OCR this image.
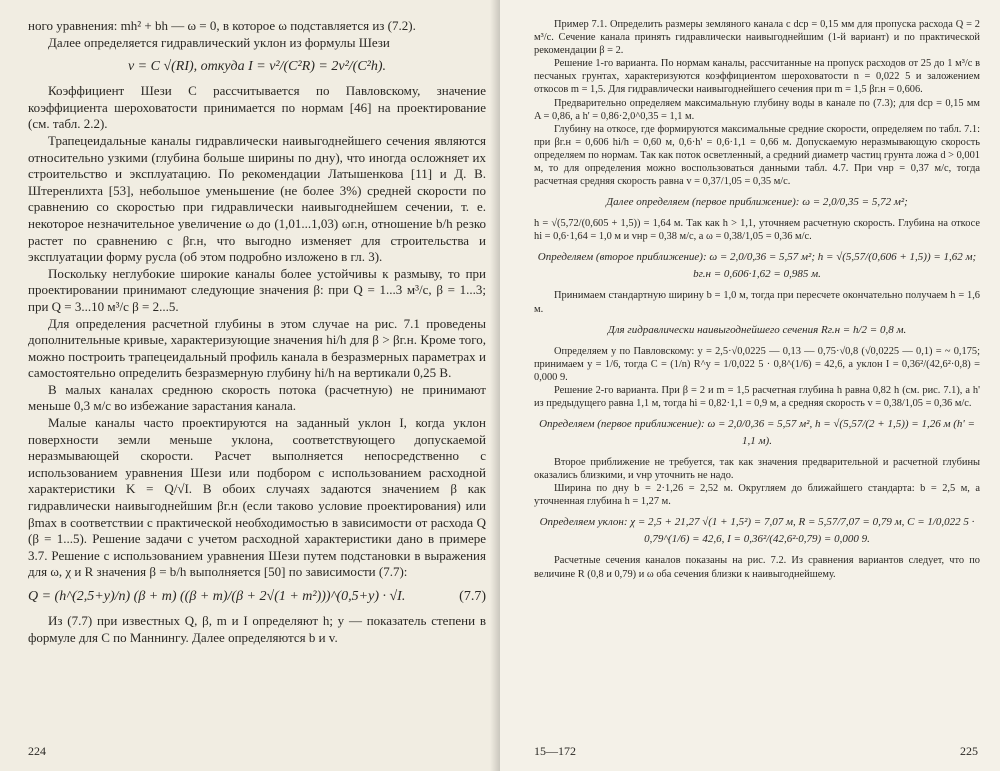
ного уравнения: mh² + bh — ω = 0, в которое ω подставляется из (7.2).

Далее определяется гидравлический уклон из формулы Шези

v = C √(RI), откуда I = v²/(C²R) = 2v²/(C²h).

Коэффициент Шези C рассчитывается по Павловскому, значение коэффициента шероховатости принимается по нормам [46] на проектирование (см. табл. 2.2).

Трапецеидальные каналы гидравлически наивыгоднейшего сечения являются относительно узкими (глубина больше ширины по дну), что иногда осложняет их строительство и эксплуатацию. По рекомендации Латышенкова [11] и Д. В. Штеренлихта [53], небольшое уменьшение (не более 3%) средней скорости по сравнению со скоростью при гидравлически наивыгоднейшем сечении, т. е. некоторое незначительное увеличение ω до (1,01...1,03) ωг.н, отношение b/h резко растет по сравнению с βг.н, что выгодно изменяет для строительства и эксплуатации форму русла (об этом подробно изложено в гл. 3).

Поскольку неглубокие широкие каналы более устойчивы к размыву, то при проектировании принимают следующие значения β: при Q = 1...3 м³/с, β = 1...3; при Q = 3...10 м³/с β = 2...5.

Для определения расчетной глубины в этом случае на рис. 7.1 проведены дополнительные кривые, характеризующие значения hi/h для β > βг.н. Кроме того, можно построить трапецеидальный профиль канала в безразмерных параметрах и самостоятельно определить безразмерную глубину hi/h на вертикали 0,25 B.

В малых каналах среднюю скорость потока (расчетную) не принимают меньше 0,3 м/с во избежание зарастания канала.

Малые каналы часто проектируются на заданный уклон I, когда уклон поверхности земли меньше уклона, соответствующего допускаемой неразмывающей скорости. Расчет выполняется непосредственно с использованием уравнения Шези или подбором с использованием расходной характеристики K = Q/√I. В обоих случаях задаются значением β как гидравлически наивыгоднейшим βг.н (если таково условие проектирования) или βmax в соответствии с практической необходимостью в зависимости от расхода Q (β = 1...5). Решение задачи с учетом расходной характеристики дано в примере 3.7. Решение с использованием уравнения Шези путем подстановки в выражения для ω, χ и R значения β = b/h выполняется [50] по зависимости (7.7):

Q = (h^(2,5+y)/n) (β + m) ((β + m)/(β + 2√(1 + m²)))^(0,5+y) · √I.	(7.7)

Из (7.7) при известных Q, β, m и I определяют h; y — показатель степени в формуле для C по Маннингу. Далее определяются b и v.

224

Пример 7.1. Определить размеры земляного канала с dср = 0,15 мм для пропуска расхода Q = 2 м³/с. Сечение канала принять гидравлически наивыгоднейшим (1-й вариант) и по практической рекомендации β = 2.

Решение 1-го варианта. По нормам каналы, рассчитанные на пропуск расходов от 25 до 1 м³/с в песчаных грунтах, характеризуются коэффициентом шероховатости n = 0,022 5 и заложением откосов m = 1,5. Для гидравлически наивыгоднейшего сечения при m = 1,5 βг.н = 0,606.

Предварительно определяем максимальную глубину воды в канале по (7.3); для dср = 0,15 мм A = 0,86, а h' = 0,86·2,0^0,35 = 1,1 м.

Глубину на откосе, где формируются максимальные средние скорости, определяем по табл. 7.1: при βг.н = 0,606 hi/h = 0,60 м, 0,6·h' = 0,6·1,1 = 0,66 м. Допускаемую неразмывающую скорость определяем по нормам. Так как поток осветленный, а средний диаметр частиц грунта ложа d > 0,001 м, то для определения можно воспользоваться данными табл. 4.7. При vнр = 0,37 м/с, тогда расчетная средняя скорость равна v = 0,37/1,05 = 0,35 м/с.

Далее определяем (первое приближение): ω = 2,0/0,35 = 5,72 м²;

h = √(5,72/(0,605 + 1,5)) = 1,64 м. Так как h > 1,1, уточняем расчетную скорость. Глубина на откосе hi = 0,6·1,64 = 1,0 м и vнр = 0,38 м/с, а ω = 0,38/1,05 = 0,36 м/с.

Определяем (второе приближение): ω = 2,0/0,36 = 5,57 м²; h = √(5,57/(0,606 + 1,5)) = 1,62 м; bг.н = 0,606·1,62 = 0,985 м.

Принимаем стандартную ширину b = 1,0 м, тогда при пересчете окончательно получаем h = 1,6 м.

Для гидравлически наивыгоднейшего сечения Rг.н = h/2 = 0,8 м.

Определяем y по Павловскому: y = 2,5·√0,0225 — 0,13 — 0,75·√0,8 (√0,0225 — 0,1) = ~ 0,175; принимаем y = 1/6, тогда C = (1/n) R^y = 1/0,022 5 · 0,8^(1/6) = 42,6, а уклон I = 0,36²/(42,6²·0,8) = 0,000 9.

Решение 2-го варианта. При β = 2 и m = 1,5 расчетная глубина h равна 0,82 h (см. рис. 7.1), а h' из предыдущего равна 1,1 м, тогда hi = 0,82·1,1 = 0,9 м, а средняя скорость v = 0,38/1,05 = 0,36 м/с.

Определяем (первое приближение): ω = 2,0/0,36 = 5,57 м², h = √(5,57/(2 + 1,5)) = 1,26 м (h' = 1,1 м).

Второе приближение не требуется, так как значения предварительной и расчетной глубины оказались близкими, и vнр уточнить не надо.

Ширина по дну b = 2·1,26 = 2,52 м. Округляем до ближайшего стандарта: b = 2,5 м, а уточненная глубина h = 1,27 м.

Определяем уклон: χ = 2,5 + 21,27 √(1 + 1,5²) = 7,07 м, R = 5,57/7,07 = 0,79 м, C = 1/0,022 5 · 0,79^(1/6) = 42,6, I = 0,36²/(42,6²·0,79) = 0,000 9.

Расчетные сечения каналов показаны на рис. 7.2. Из сравнения вариантов следует, что по величине R (0,8 и 0,79) и ω оба сечения близки к наивыгоднейшему.

15—172	225
